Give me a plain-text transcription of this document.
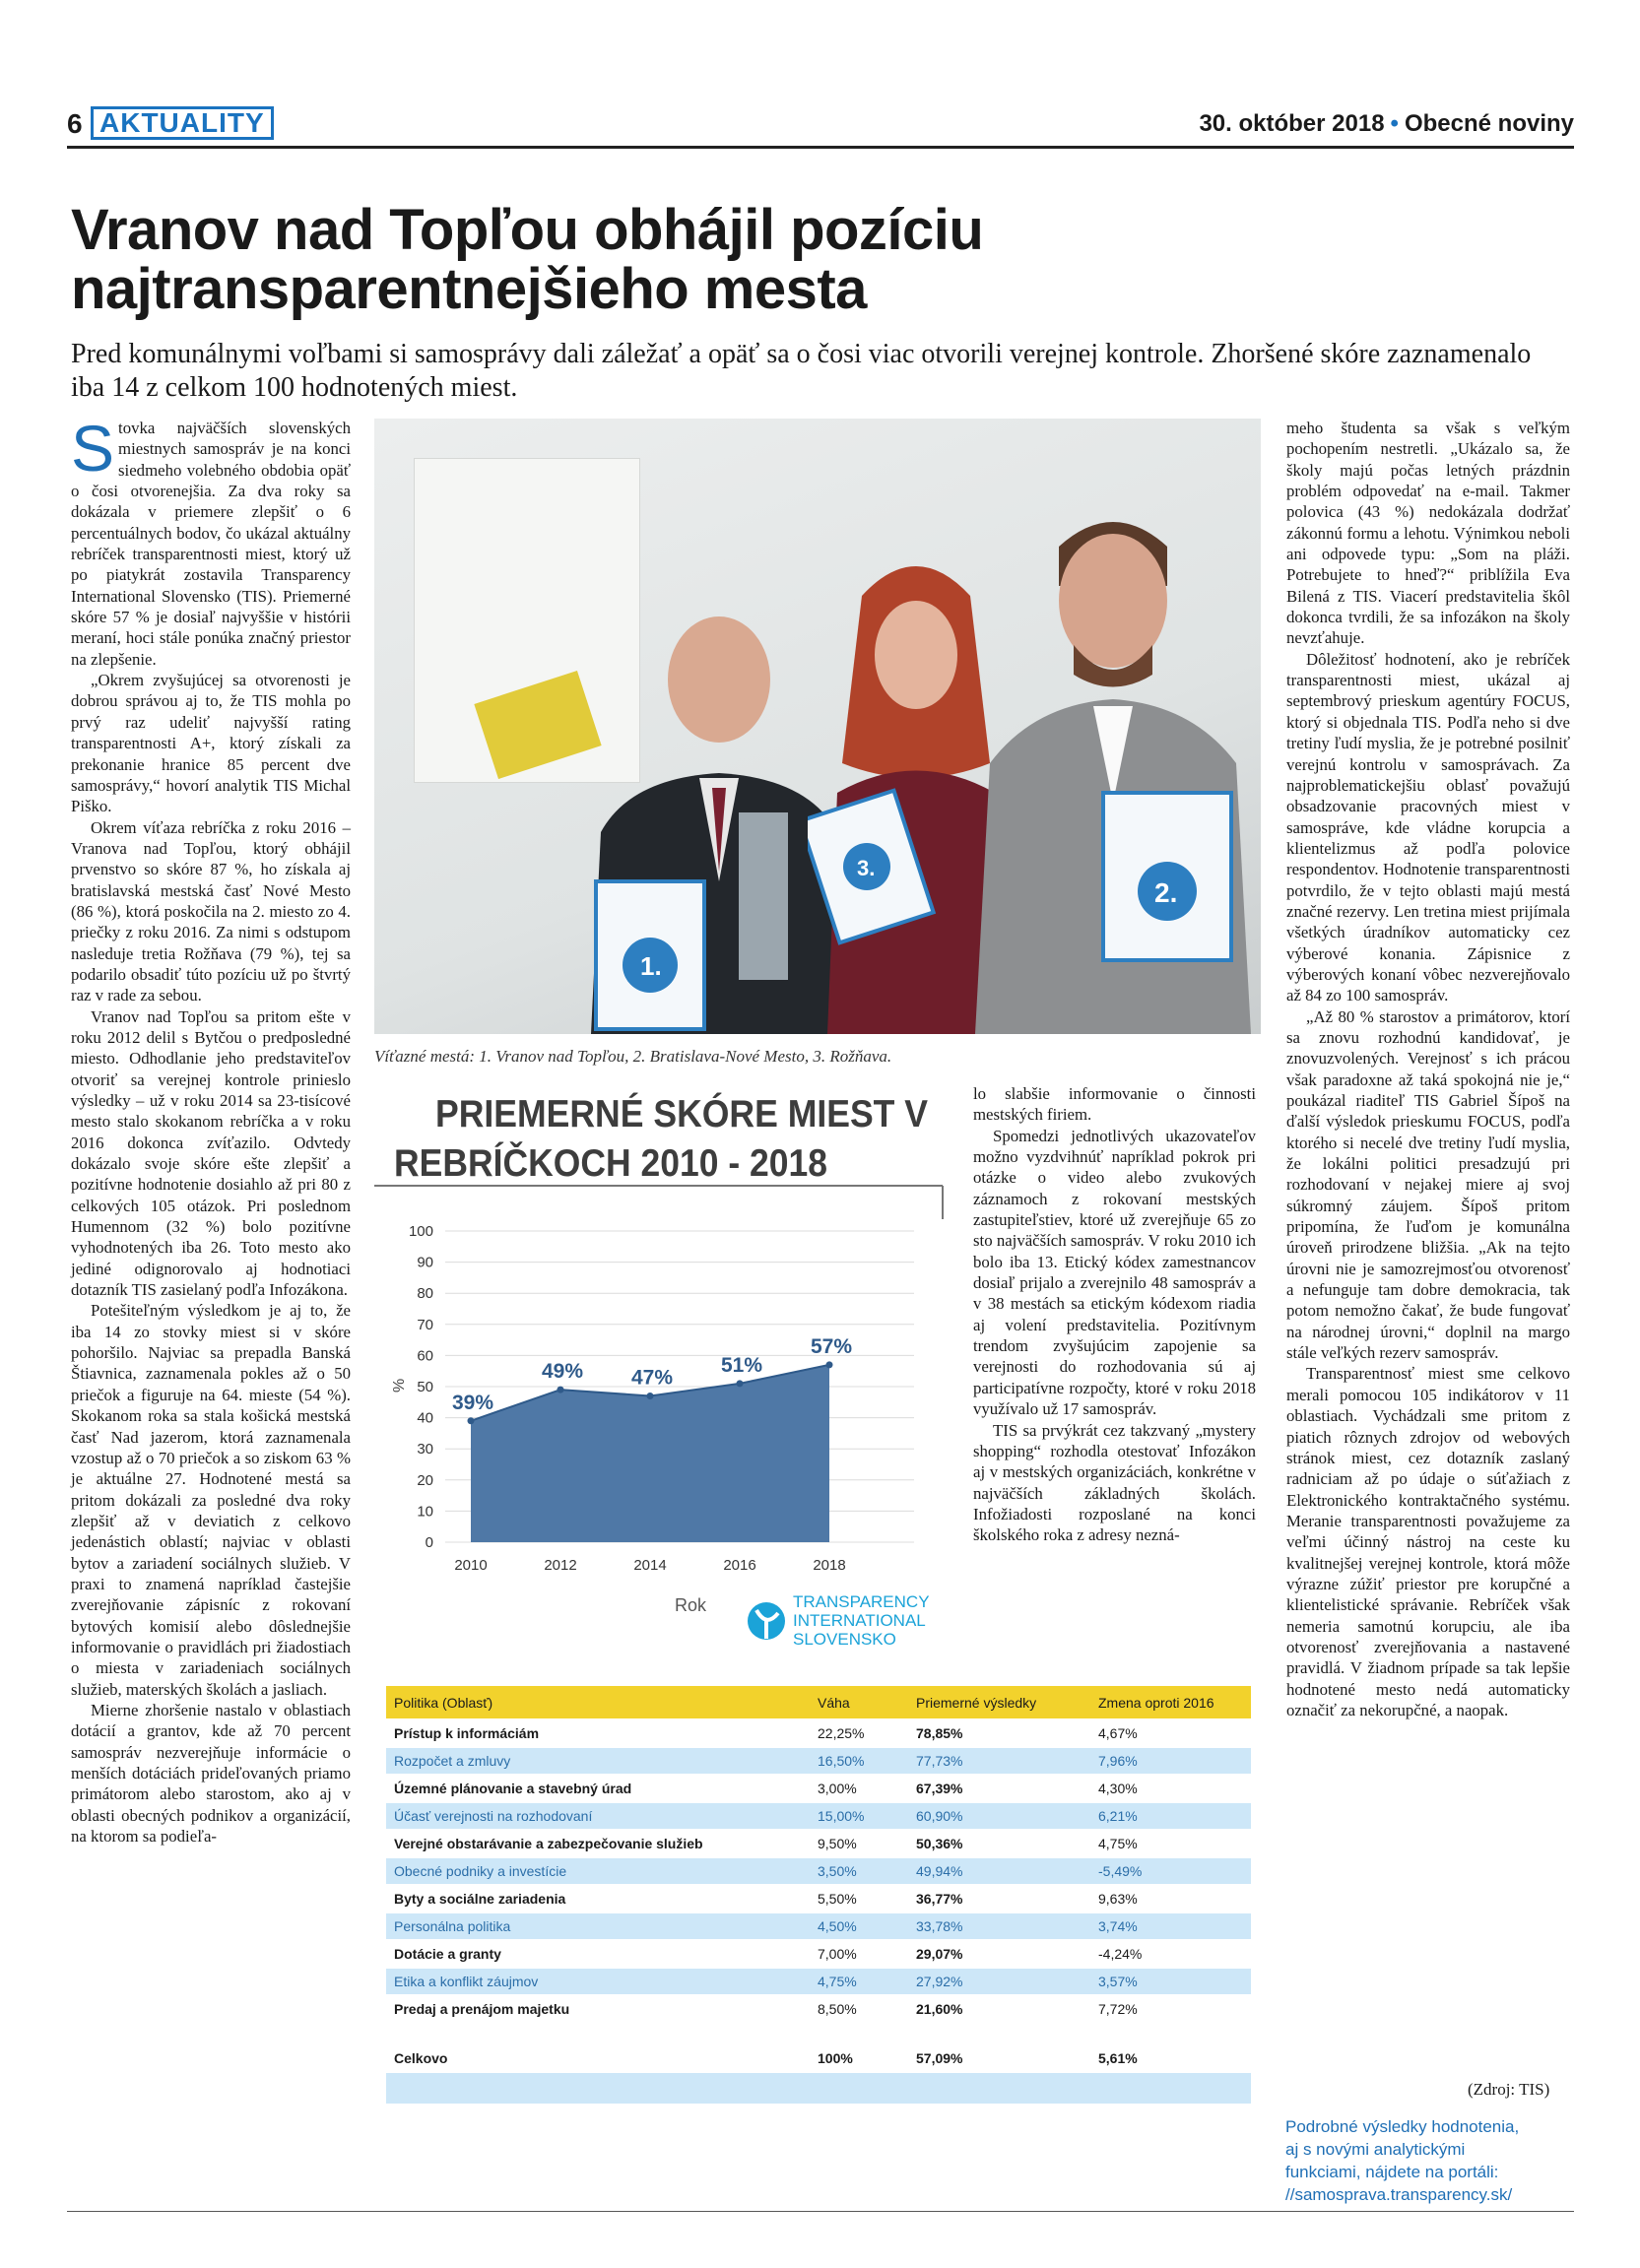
6 AKTUALITY	30. október 2018 • Obecné noviny
Vranov nad Topľou obhájil pozíciu
najtransparentnejšieho mesta

Pred komunálnymi voľbami si samosprávy dali záležať a opäť sa o čosi viac otvorili verejnej kontrole. Zhoršené skóre zaznamenalo iba 14 z celkom 100 hodnotených miest.

Stovka najväčších slovenských miestnych samospráv je na konci siedmeho volebného obdobia opäť o čosi otvorenejšia. Za dva roky sa dokázala v priemere zlepšiť o 6 percentuálnych bodov, čo ukázal aktuálny rebríček transparentnosti miest, ktorý už po piatykrát zostavila Transparency International Slovensko (TIS). Priemerné skóre 57 % je dosiaľ najvyššie v histórii meraní, hoci stále ponúka značný priestor na zlepšenie.

„Okrem zvyšujúcej sa otvorenosti je dobrou správou aj to, že TIS mohla po prvý raz udeliť najvyšší rating transparentnosti A+, ktorý získali za prekonanie hranice 85 percent dve samosprávy,“ hovorí analytik TIS Michal Piško.

Okrem víťaza rebríčka z roku 2016 – Vranova nad Topľou, ktorý obhájil prvenstvo so skóre 87 %, ho získala aj bratislavská mestská časť Nové Mesto (86 %), ktorá poskočila na 2. miesto zo 4. priečky z roku 2016. Za nimi s odstupom nasleduje tretia Rožňava (79 %), tej sa podarilo obsadiť túto pozíciu už po štvrtý raz v rade za sebou.

Vranov nad Topľou sa pritom ešte v roku 2012 delil s Bytčou o predposledné miesto. Odhodlanie jeho predstaviteľov otvoriť sa verejnej kontrole prinieslo výsledky – už v roku 2014 sa 23-tisícové mesto stalo skokanom rebríčka a v roku 2016 dokonca zvíťazilo. Odvtedy dokázalo svoje skóre ešte zlepšiť a pozitívne hodnotenie dosiahlo až pri 80 z celkových 105 otázok. Pri poslednom Humennom (32 %) bolo pozitívne vyhodnotených iba 26. Toto mesto ako jediné odignorovalo aj hodnotiaci dotazník TIS zasielaný podľa Infozákona.

Potešiteľným výsledkom je aj to, že iba 14 zo stovky miest si v skóre pohoršilo. Najviac sa prepadla Banská Štiavnica, zaznamenala pokles až o 50 priečok a figuruje na 64. mieste (54 %). Skokanom roka sa stala košická mestská časť Nad jazerom, ktorá zaznamenala vzostup až o 70 priečok a so ziskom 63 % je aktuálne 27. Hodnotené mestá sa pritom dokázali za posledné dva roky zlepšiť až v deviatich z celkovo jedenástich oblastí; najviac v oblasti bytov a zariadení sociálnych služieb. V praxi to znamená napríklad častejšie zverejňovanie zápisníc z rokovaní bytových komisií alebo dôslednejšie informovanie o pravidlách pri žiadostiach o miesta v zariadeniach sociálnych služieb, materských školách a jasliach.

Mierne zhoršenie nastalo v oblastiach dotácií a grantov, kde až 70 percent samospráv nezverejňuje informácie o menších dotáciách prideľovaných priamo primátorom alebo starostom, ako aj v oblasti obecných podnikov a organizácií, na ktorom sa podieľa-

1.
3.
2.

Víťazné mestá: 1. Vranov nad Topľou, 2. Bratislava-Nové Mesto, 3. Rožňava.

PRIEMERNÉ SKÓRE MIEST V
REBRÍČKOCH 2010 - 2018
0
10
20
30
40
50
60
70
80
90
100
2010	2012	2014	2016	2018
39%
49% 47%
51%
57%
%
Rok	TRANSPARENCY
INTERNATIONAL
SLOVENSKO

lo slabšie informovanie o činnosti mestských firiem.

Spomedzi jednotlivých ukazovateľov možno vyzdvihnúť napríklad pokrok pri otázke o video alebo zvukových záznamoch z rokovaní mestských zastupiteľstiev, ktoré už zverejňuje 65 zo sto najväčších samospráv. V roku 2010 ich bolo iba 13. Etický kódex zamestnancov dosiaľ prijalo a zverejnilo 48 samospráv a v 38 mestách sa etickým kódexom riadia aj volení predstavitelia. Pozitívnym trendom zvyšujúcim zapojenie sa verejnosti do rozhodovania sú aj participatívne rozpočty, ktoré v roku 2018 využívalo už 17 samospráv.

TIS sa prvýkrát cez takzvaný „mystery shopping“ rozhodla otestovať Infozákon aj v mestských organizáciách, konkrétne v najväčších základných školách. Infožiadosti rozposlané na konci školského roka z adresy nezná-

Politika (Oblasť)	Váha	Priemerné výsledky	Zmena oproti 2016
Prístup k informáciám	22,25%	78,85%	4,67%
Rozpočet a zmluvy	16,50%	77,73%	7,96%
Územné plánovanie a stavebný úrad	3,00%	67,39%	4,30%
Účasť verejnosti na rozhodovaní	15,00%	60,90%	6,21%
Verejné obstarávanie a zabezpečovanie služieb	9,50%	50,36%	4,75%
Obecné podniky a investície	3,50%	49,94%	-5,49%
Byty a sociálne zariadenia	5,50%	36,77%	9,63%
Personálna politika	4,50%	33,78%	3,74%
Dotácie a granty	7,00%	29,07%	-4,24%
Etika a konflikt záujmov	4,75%	27,92%	3,57%
Predaj a prenájom majetku	8,50%	21,60%	7,72%

Celkovo	100%	57,09%	5,61%

meho študenta sa však s veľkým pochopením nestretli. „Ukázalo sa, že školy majú počas letných prázdnin problém odpovedať na e-mail. Takmer polovica (43 %) nedokázala dodržať zákonnú formu a lehotu. Výnimkou neboli ani odpovede typu: „Som na pláži. Potrebujete to hneď?“ priblížila Eva Bilená z TIS. Viacerí predstavitelia škôl dokonca tvrdili, že sa infozákon na školy nevzťahuje.

Dôležitosť hodnotení, ako je rebríček transparentnosti miest, ukázal aj septembrový prieskum agentúry FOCUS, ktorý si objednala TIS. Podľa neho si dve tretiny ľudí myslia, že je potrebné posilniť verejnú kontrolu v samosprávach. Za najproblematickejšiu oblasť považujú obsadzovanie pracovných miest v samospráve, kde vládne korupcia a klientelizmus až podľa polovice respondentov. Hodnotenie transparentnosti potvrdilo, že v tejto oblasti majú mestá značné rezervy. Len tretina miest prijímala všetkých úradníkov automaticky cez výberové konania. Zápisnice z výberových konaní vôbec nezverejňovalo až 84 zo 100 samospráv.

„Až 80 % starostov a primátorov, ktorí sa znovu rozhodnú kandidovať, je znovuzvolených. Verejnosť s ich prácou však paradoxne až taká spokojná nie je,“ poukázal riaditeľ TIS Gabriel Šípoš na ďalší výsledok prieskumu FOCUS, podľa ktorého si necelé dve tretiny ľudí myslia, že lokálni politici presadzujú pri rozhodovaní v nejakej miere aj svoj súkromný záujem. Šípoš pritom pripomína, že ľuďom je komunálna úroveň prirodzene bližšia. „Ak na tejto úrovni nie je samozrejmosťou otvorenosť a nefunguje tam dobre demokracia, tak potom nemožno čakať, že bude fungovať na národnej úrovni,“ doplnil na margo stále veľkých rezerv samospráv.

Transparentnosť miest sme celkovo merali pomocou 105 indikátorov v 11 oblastiach. Vychádzali sme pritom z piatich rôznych zdrojov od webových stránok miest, cez dotazník zaslaný radniciam až po údaje o súťažiach z Elektronického kontraktačného systému. Meranie transparentnosti považujeme za veľmi účinný nástroj na ceste ku kvalitnejšej verejnej kontrole, ktorá môže výrazne zúžiť priestor pre korupčné a klientelistické správanie. Rebríček však nemeria samotnú korupciu, ale iba otvorenosť zverejňovania a nastavené pravidlá. V žiadnom prípade sa tak lepšie hodnotené mesto nedá automaticky označiť za nekorupčné, a naopak.

(Zdroj: TIS)
Podrobné výsledky hodnotenia,
aj s novými analytickými
funkciami, nájdete na portáli:
//samosprava.transparency.sk/
